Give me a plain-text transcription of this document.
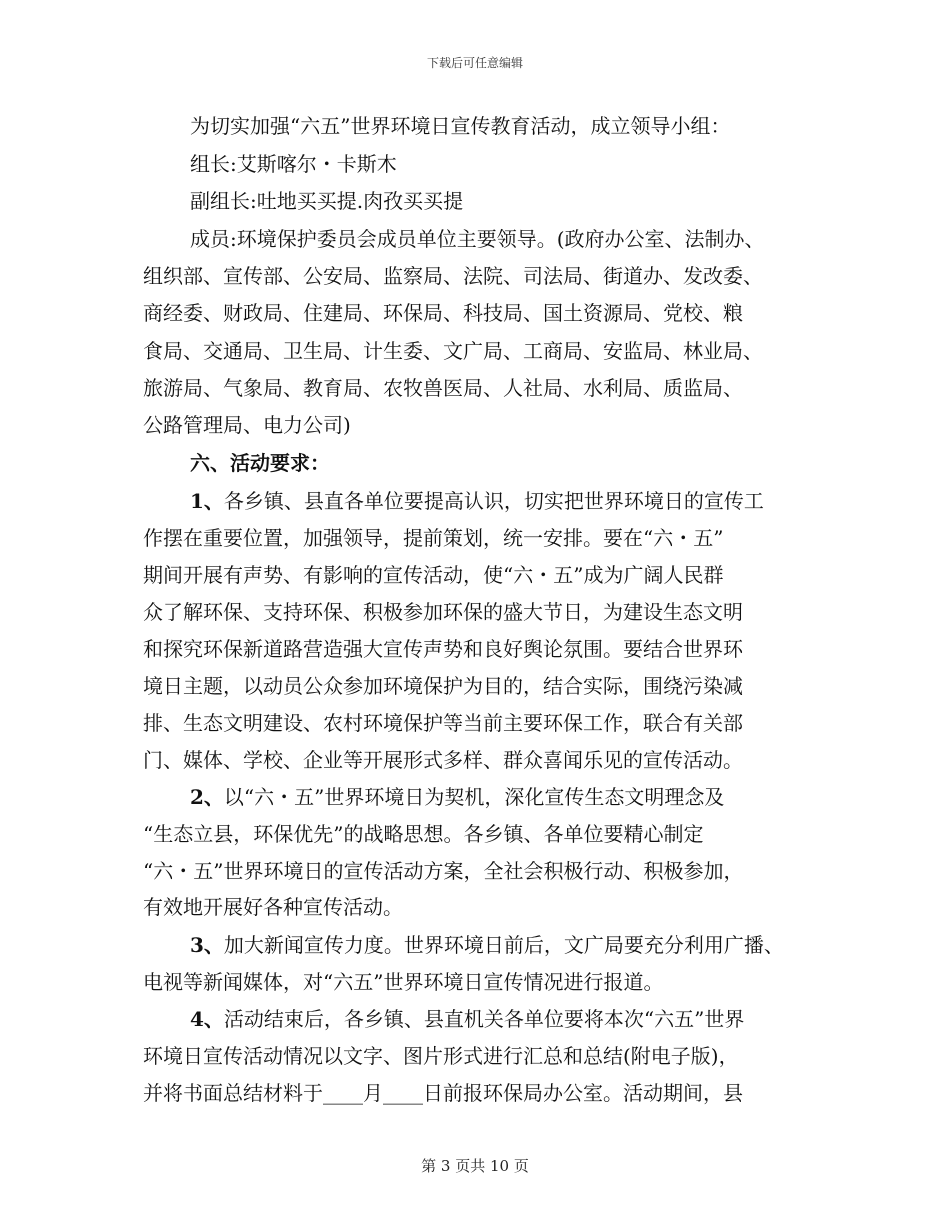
下载后可任意编辑
为切实加强“六五”世界环境日宣传教育活动，成立领导小组：
组长:艾斯喀尔・卡斯木
副组长:吐地买买提.肉孜买买提
成员:环境保护委员会成员单位主要领导。(政府办公室、法制办、
组织部、宣传部、公安局、监察局、法院、司法局、街道办、发改委、
商经委、财政局、住建局、环保局、科技局、国土资源局、党校、粮
食局、交通局、卫生局、计生委、文广局、工商局、安监局、林业局、
旅游局、气象局、教育局、农牧兽医局、人社局、水利局、质监局、
公路管理局、电力公司)
六、活动要求：
1、各乡镇、县直各单位要提高认识，切实把世界环境日的宣传工
作摆在重要位置，加强领导，提前策划，统一安排。要在“六・五”
期间开展有声势、有影响的宣传活动，使“六・五”成为广阔人民群
众了解环保、支持环保、积极参加环保的盛大节日，为建设生态文明
和探究环保新道路营造强大宣传声势和良好舆论氛围。要结合世界环
境日主题，以动员公众参加环境保护为目的，结合实际，围绕污染减
排、生态文明建设、农村环境保护等当前主要环保工作，联合有关部
门、媒体、学校、企业等开展形式多样、群众喜闻乐见的宣传活动。
2、以“六・五”世界环境日为契机，深化宣传生态文明理念及
“生态立县，环保优先”的战略思想。各乡镇、各单位要精心制定
“六・五”世界环境日的宣传活动方案，全社会积极行动、积极参加，
有效地开展好各种宣传活动。
3、加大新闻宣传力度。世界环境日前后，文广局要充分利用广播、
电视等新闻媒体，对“六五”世界环境日宣传情况进行报道。
4、活动结束后，各乡镇、县直机关各单位要将本次“六五”世界
环境日宣传活动情况以文字、图片形式进行汇总和总结(附电子版)，
并将书面总结材料于____月____日前报环保局办公室。活动期间，县
第 3 页共 10 页
